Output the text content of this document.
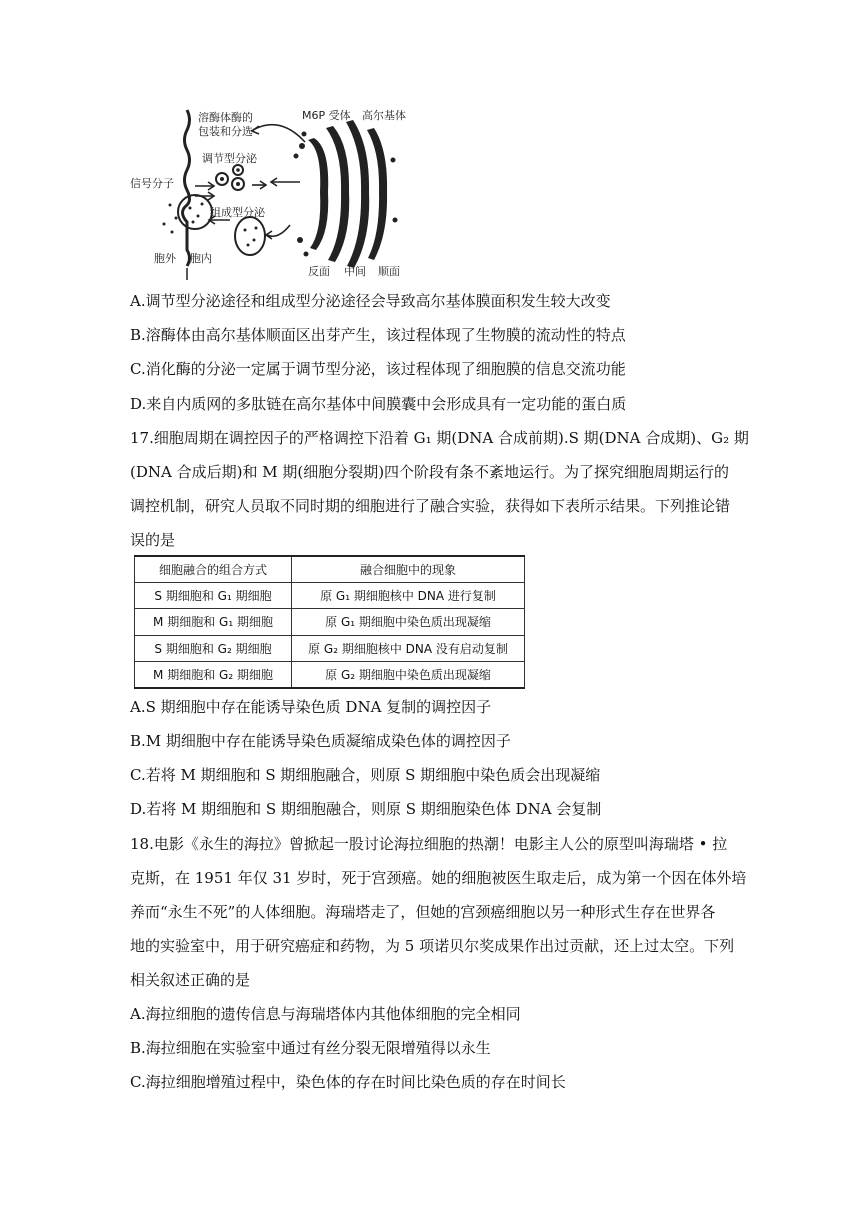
溶酶体酶的
包装和分选
调节型分泌
信号分子
组成型分泌
M6P 受体 高尔基体
胞外 胞内
反面 中间 顺面
A.调节型分泌途径和组成型分泌途径会导致高尔基体膜面积发生较大改变
B.溶酶体由高尔基体顺面区出芽产生，该过程体现了生物膜的流动性的特点
C.消化酶的分泌一定属于调节型分泌，该过程体现了细胞膜的信息交流功能
D.来自内质网的多肽链在高尔基体中间膜囊中会形成具有一定功能的蛋白质
17.细胞周期在调控因子的严格调控下沿着 G₁ 期(DNA 合成前期).S 期(DNA 合成期)、G₂ 期
(DNA 合成后期)和 M 期(细胞分裂期)四个阶段有条不紊地运行。为了探究细胞周期运行的
调控机制，研究人员取不同时期的细胞进行了融合实验，获得如下表所示结果。下列推论错
误的是
细胞融合的组合方式	融合细胞中的现象
S 期细胞和 G₁ 期细胞	原 G₁ 期细胞核中 DNA 进行复制
M 期细胞和 G₁ 期细胞	原 G₁ 期细胞中染色质出现凝缩
S 期细胞和 G₂ 期细胞	原 G₂ 期细胞核中 DNA 没有启动复制
M 期细胞和 G₂ 期细胞	原 G₂ 期细胞中染色质出现凝缩
A.S 期细胞中存在能诱导染色质 DNA 复制的调控因子
B.M 期细胞中存在能诱导染色质凝缩成染色体的调控因子
C.若将 M 期细胞和 S 期细胞融合，则原 S 期细胞中染色质会出现凝缩
D.若将 M 期细胞和 S 期细胞融合，则原 S 期细胞染色体 DNA 会复制
18.电影《永生的海拉》曾掀起一股讨论海拉细胞的热潮！电影主人公的原型叫海瑞塔 • 拉
克斯，在 1951 年仅 31 岁时，死于宫颈癌。她的细胞被医生取走后，成为第一个因在体外培
养而“永生不死”的人体细胞。海瑞塔走了，但她的宫颈癌细胞以另一种形式生存在世界各
地的实验室中，用于研究癌症和药物，为 5 项诺贝尔奖成果作出过贡献，还上过太空。下列
相关叙述正确的是
A.海拉细胞的遗传信息与海瑞塔体内其他体细胞的完全相同
B.海拉细胞在实验室中通过有丝分裂无限增殖得以永生
C.海拉细胞增殖过程中，染色体的存在时间比染色质的存在时间长
